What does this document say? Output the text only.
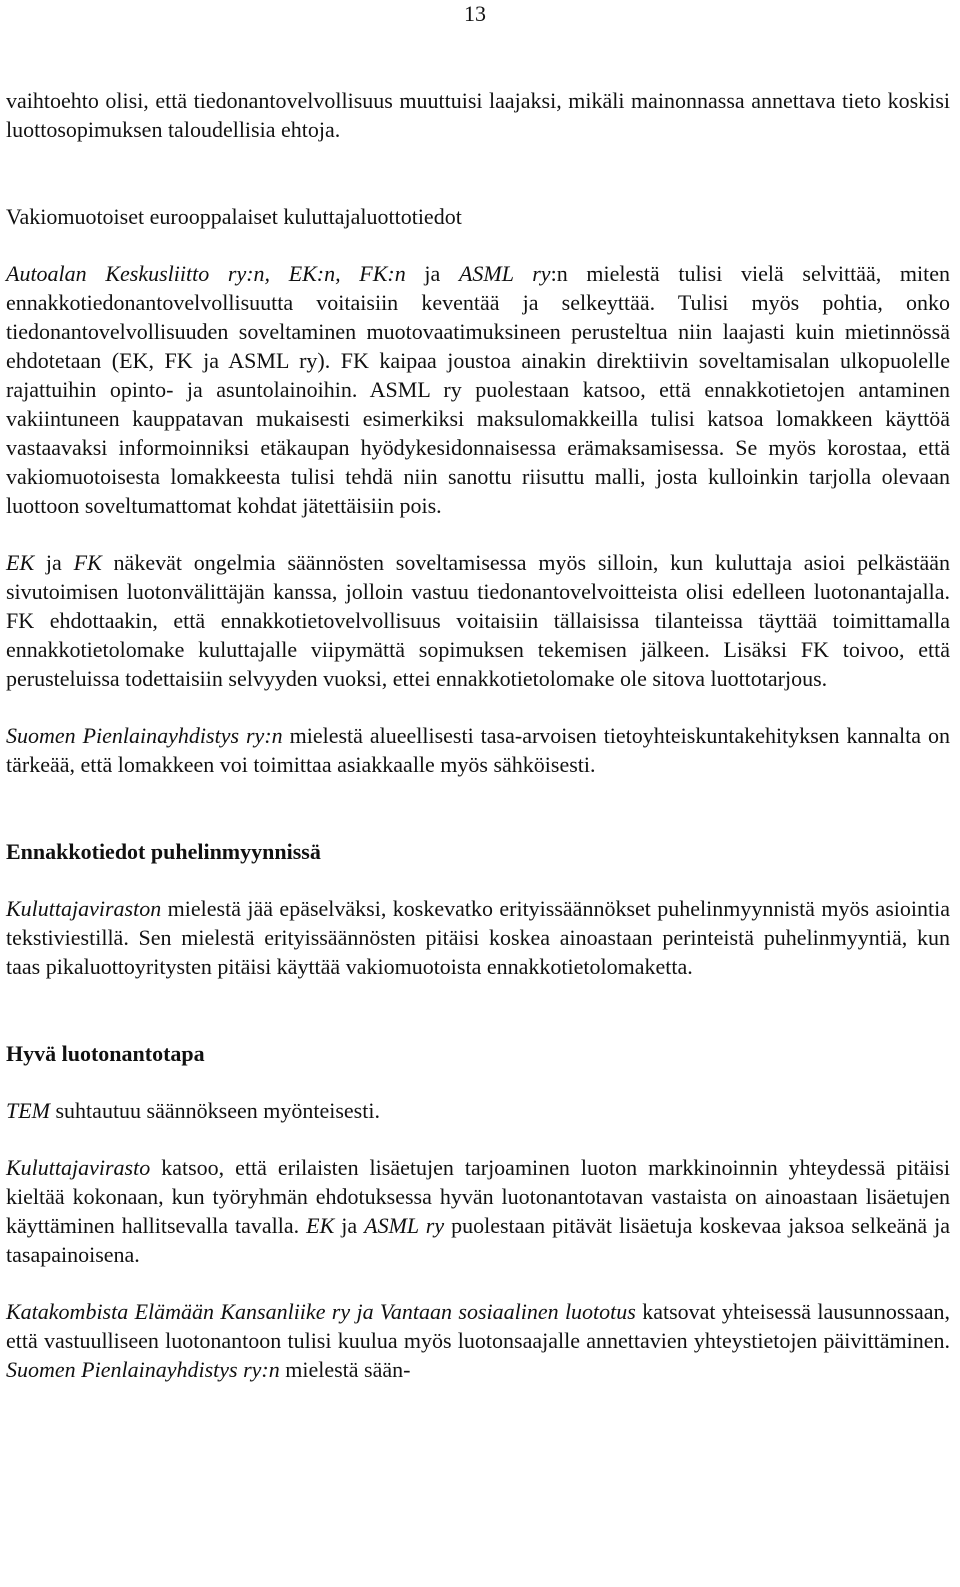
13

vaihtoehto olisi, että tiedonantovelvollisuus muuttuisi laajaksi, mikäli mainonnassa annettava tieto koskisi luottosopimuksen taloudellisia ehtoja.

Vakiomuotoiset eurooppalaiset kuluttajaluottotiedot

Autoalan Keskusliitto ry:n, EK:n, FK:n ja ASML ry:n mielestä tulisi vielä selvittää, miten ennakkotiedonantovelvollisuutta voitaisiin keventää ja selkeyttää. Tulisi myös pohtia, onko tiedonantovelvollisuuden soveltaminen muotovaatimuksineen perusteltua niin laajasti kuin mietinnössä ehdotetaan (EK, FK ja ASML ry). FK kaipaa joustoa ainakin direktiivin soveltamisalan ulkopuolelle rajattuihin opinto- ja asuntolainoihin. ASML ry puolestaan katsoo, että ennakkotietojen antaminen vakiintuneen kauppatavan mukaisesti esimerkiksi maksulomakkeilla tulisi katsoa lomakkeen käyttöä vastaavaksi informoinniksi etäkaupan hyödykesidonnaisessa erämaksamisessa. Se myös korostaa, että vakiomuotoisesta lomakkeesta tulisi tehdä niin sanottu riisuttu malli, josta kulloinkin tarjolla olevaan luottoon soveltumattomat kohdat jätettäisiin pois.

EK ja FK näkevät ongelmia säännösten soveltamisessa myös silloin, kun kuluttaja asioi pelkästään sivutoimisen luotonvälittäjän kanssa, jolloin vastuu tiedonantovelvoitteista olisi edelleen luotonantajalla. FK ehdottaakin, että ennakkotietovelvollisuus voitaisiin tällaisissa tilanteissa täyttää toimittamalla ennakkotietolomake kuluttajalle viipymättä sopimuksen tekemisen jälkeen. Lisäksi FK toivoo, että perusteluissa todettaisiin selvyyden vuoksi, ettei ennakkotietolomake ole sitova luottotarjous.

Suomen Pienlainayhdistys ry:n mielestä alueellisesti tasa-arvoisen tietoyhteiskuntakehityksen kannalta on tärkeää, että lomakkeen voi toimittaa asiakkaalle myös sähköisesti.

Ennakkotiedot puhelinmyynnissä

Kuluttajaviraston mielestä jää epäselväksi, koskevatko erityissäännökset puhelinmyynnistä myös asiointia tekstiviestillä. Sen mielestä erityissäännösten pitäisi koskea ainoastaan perinteistä puhelinmyyntiä, kun taas pikaluottoyritysten pitäisi käyttää vakiomuotoista ennakkotietolomaketta.

Hyvä luotonantotapa

TEM suhtautuu säännökseen myönteisesti.

Kuluttajavirasto katsoo, että erilaisten lisäetujen tarjoaminen luoton markkinoinnin yhteydessä pitäisi kieltää kokonaan, kun työryhmän ehdotuksessa hyvän luotonantotavan vastaista on ainoastaan lisäetujen käyttäminen hallitsevalla tavalla. EK ja ASML ry puolestaan pitävät lisäetuja koskevaa jaksoa selkeänä ja tasapainoisena.

Katakombista Elämään Kansanliike ry ja Vantaan sosiaalinen luototus katsovat yhteisessä lausunnossaan, että vastuulliseen luotonantoon tulisi kuulua myös luotonsaajalle annettavien yhteystietojen päivittäminen. Suomen Pienlainayhdistys ry:n mielestä sään-
